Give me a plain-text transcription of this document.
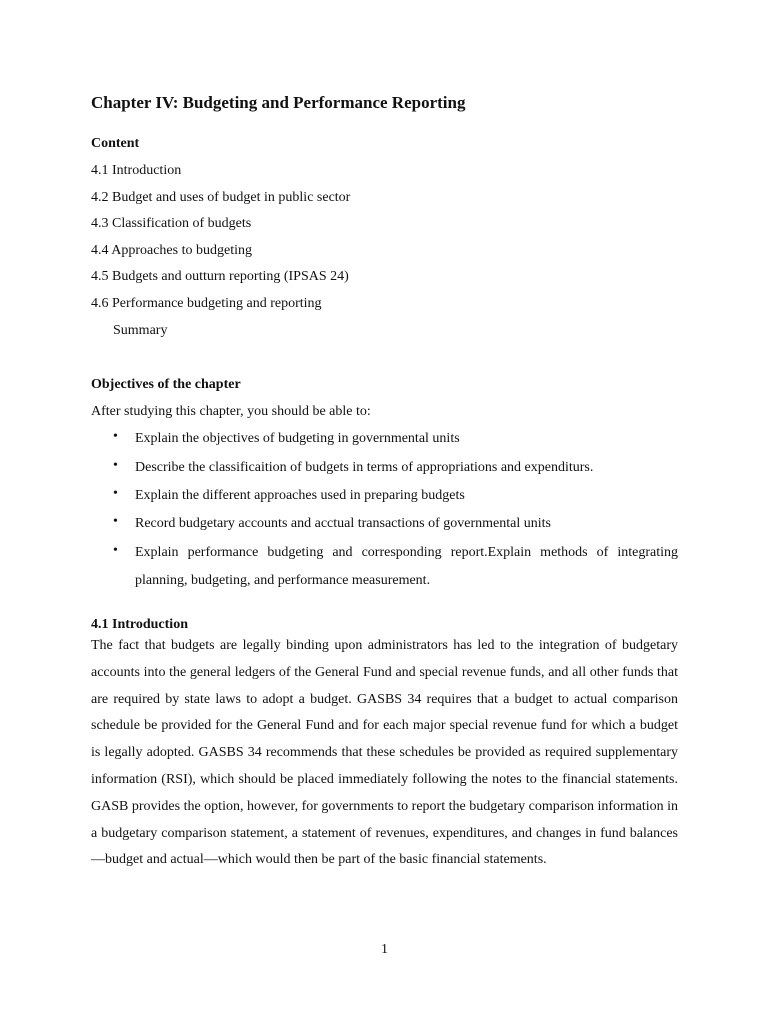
Chapter IV: Budgeting and Performance Reporting
Content
4.1 Introduction
4.2 Budget and uses of budget in public sector
4.3 Classification of budgets
4.4 Approaches to budgeting
4.5 Budgets and outturn reporting (IPSAS 24)
4.6 Performance budgeting and reporting
Summary
Objectives of the chapter
After studying this chapter, you should be able to:
• Explain the objectives of budgeting in governmental units
• Describe the classificaition of budgets in terms of appropriations and expenditurs.
• Explain the different approaches used in preparing budgets
• Record budgetary accounts and acctual transactions of governmental units
• Explain performance budgeting and corresponding report.Explain methods of integrating planning, budgeting, and performance measurement.
4.1 Introduction
The fact that budgets are legally binding upon administrators has led to the integration of budgetary accounts into the general ledgers of the General Fund and special revenue funds, and all other funds that are required by state laws to adopt a budget. GASBS 34 requires that a budget to actual comparison schedule be provided for the General Fund and for each major special revenue fund for which a budget is legally adopted. GASBS 34 recommends that these schedules be provided as required supplementary information (RSI), which should be placed immediately following the notes to the financial statements. GASB provides the option, however, for governments to report the budgetary comparison information in a budgetary comparison statement, a statement of revenues, expenditures, and changes in fund balances—budget and actual—which would then be part of the basic financial statements.
1
